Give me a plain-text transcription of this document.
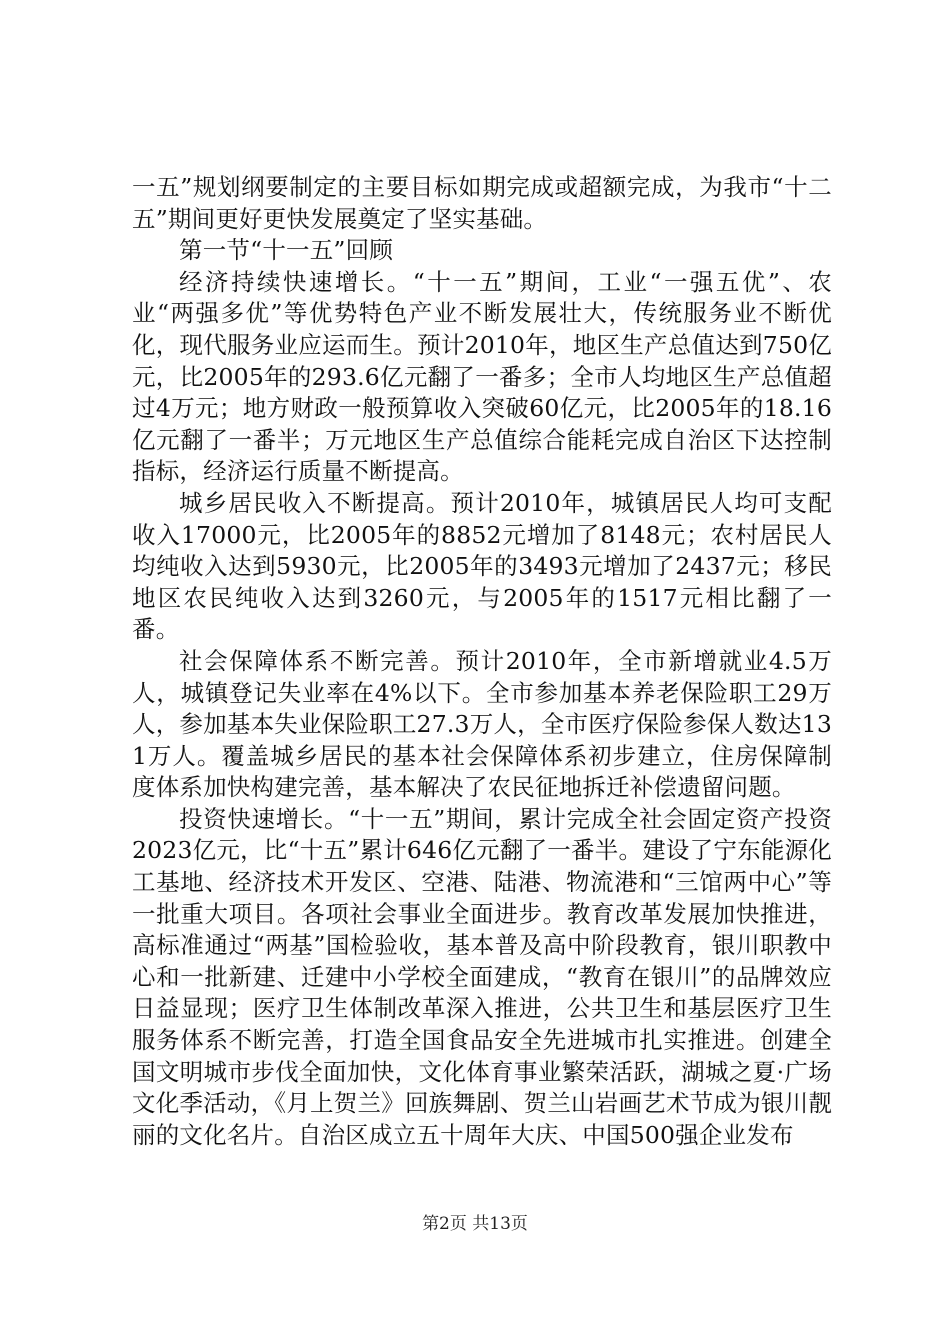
一五”规划纲要制定的主要目标如期完成或超额完成，为我市“十二五”期间更好更快发展奠定了坚实基础。

第一节“十一五”回顾

经济持续快速增长。“十一五”期间，工业“一强五优”、农业“两强多优”等优势特色产业不断发展壮大，传统服务业不断优化，现代服务业应运而生。预计2010年，地区生产总值达到750亿元，比2005年的293.6亿元翻了一番多；全市人均地区生产总值超过4万元；地方财政一般预算收入突破60亿元，比2005年的18.16亿元翻了一番半；万元地区生产总值综合能耗完成自治区下达控制指标，经济运行质量不断提高。

城乡居民收入不断提高。预计2010年，城镇居民人均可支配收入17000元，比2005年的8852元增加了8148元；农村居民人均纯收入达到5930元，比2005年的3493元增加了2437元；移民地区农民纯收入达到3260元，与2005年的1517元相比翻了一番。

社会保障体系不断完善。预计2010年，全市新增就业4.5万人，城镇登记失业率在4%以下。全市参加基本养老保险职工29万人，参加基本失业保险职工27.3万人，全市医疗保险参保人数达131万人。覆盖城乡居民的基本社会保障体系初步建立，住房保障制度体系加快构建完善，基本解决了农民征地拆迁补偿遗留问题。

投资快速增长。“十一五”期间，累计完成全社会固定资产投资2023亿元，比“十五”累计646亿元翻了一番半。建设了宁东能源化工基地、经济技术开发区、空港、陆港、物流港和“三馆两中心”等一批重大项目。各项社会事业全面进步。教育改革发展加快推进，高标准通过“两基”国检验收，基本普及高中阶段教育，银川职教中心和一批新建、迁建中小学校全面建成，“教育在银川”的品牌效应日益显现；医疗卫生体制改革深入推进，公共卫生和基层医疗卫生服务体系不断完善，打造全国食品安全先进城市扎实推进。创建全国文明城市步伐全面加快，文化体育事业繁荣活跃，湖城之夏·广场文化季活动，《月上贺兰》回族舞剧、贺兰山岩画艺术节成为银川靓丽的文化名片。自治区成立五十周年大庆、中国500强企业发布

第2页 共13页
